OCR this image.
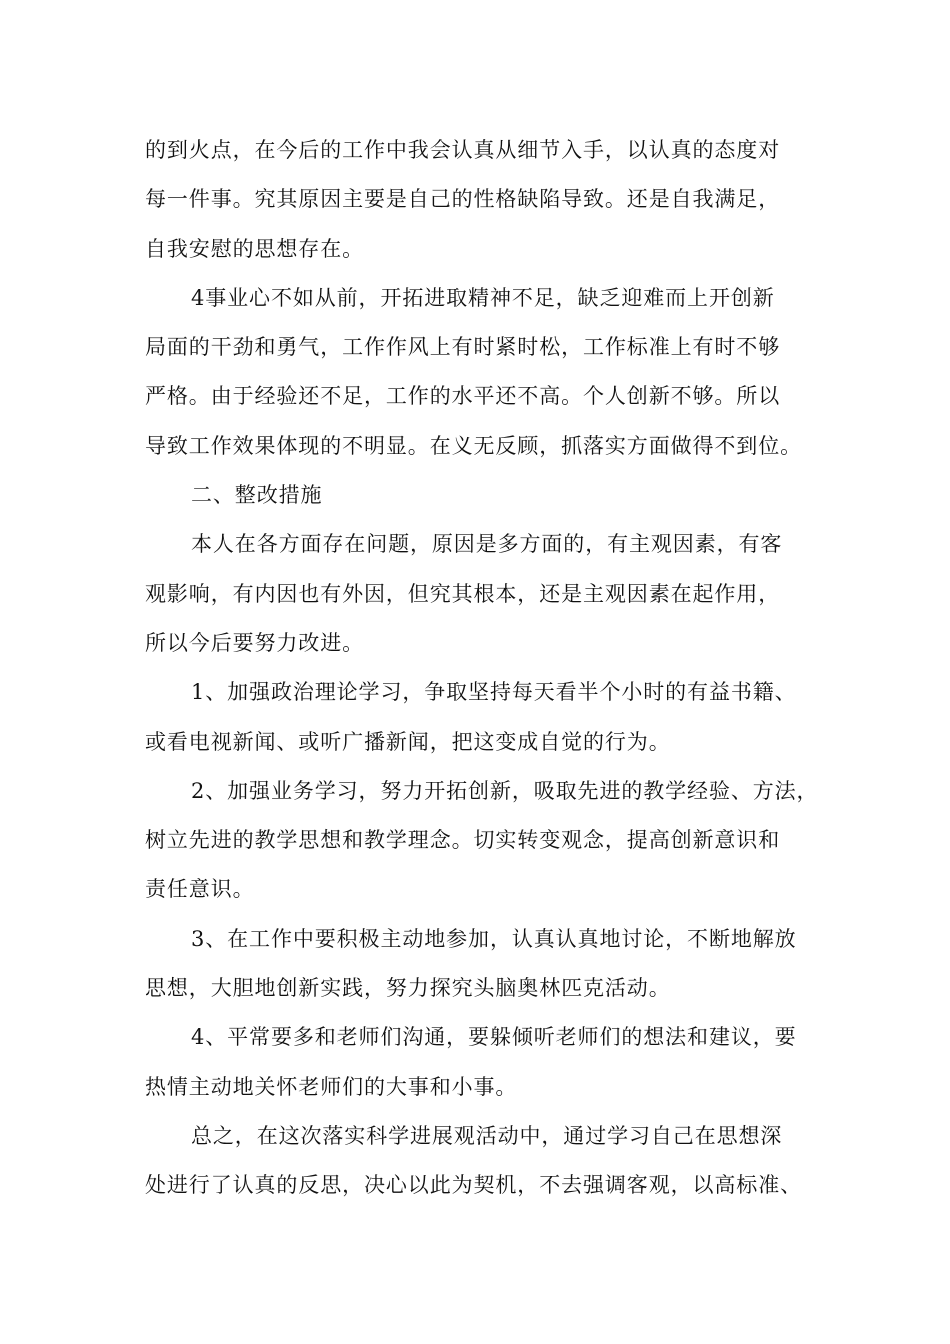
的到火点，在今后的工作中我会认真从细节入手，以认真的态度对
每一件事。究其原因主要是自己的性格缺陷导致。还是自我满足，
自我安慰的思想存在。
4事业心不如从前，开拓进取精神不足，缺乏迎难而上开创新
局面的干劲和勇气，工作作风上有时紧时松，工作标准上有时不够
严格。由于经验还不足，工作的水平还不高。个人创新不够。所以
导致工作效果体现的不明显。在义无反顾，抓落实方面做得不到位。
二、整改措施
本人在各方面存在问题，原因是多方面的，有主观因素，有客
观影响，有内因也有外因，但究其根本，还是主观因素在起作用，
所以今后要努力改进。
1、加强政治理论学习，争取坚持每天看半个小时的有益书籍、
或看电视新闻、或听广播新闻，把这变成自觉的行为。
2、加强业务学习，努力开拓创新，吸取先进的教学经验、方法，
树立先进的教学思想和教学理念。切实转变观念，提高创新意识和
责任意识。
3、在工作中要积极主动地参加，认真认真地讨论，不断地解放
思想，大胆地创新实践，努力探究头脑奥林匹克活动。
4、平常要多和老师们沟通，要躲倾听老师们的想法和建议，要
热情主动地关怀老师们的大事和小事。
总之，在这次落实科学进展观活动中，通过学习自己在思想深
处进行了认真的反思，决心以此为契机，不去强调客观，以高标准、
